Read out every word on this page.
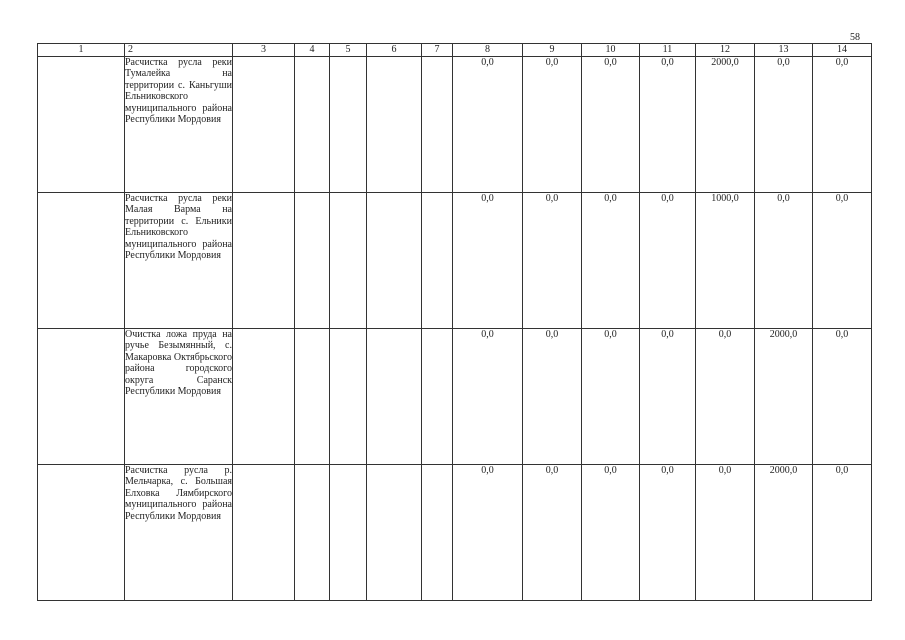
58
1	2	3	4	5	6	7	8	9	10	11	12	13	14
	Расчистка русла реки Тумалейка на территории с. Каньгуши Ельниковского муниципального района Республики Мордовия						0,0	0,0	0,0	0,0	2000,0	0,0	0,0
	Расчистка русла реки Малая Варма на территории с. Ельники Ельниковского муниципального района Республики Мордовия						0,0	0,0	0,0	0,0	1000,0	0,0	0,0
	Очистка ложа пруда на ручье Безымянный, с. Макаровка Октябрьского района городского округа Саранск Республики Мордовия						0,0	0,0	0,0	0,0	0,0	2000,0	0,0
	Расчистка русла р. Мельчарка, с. Большая Елховка Лямбирского муниципального района Республики Мордовия						0,0	0,0	0,0	0,0	0,0	2000,0	0,0
